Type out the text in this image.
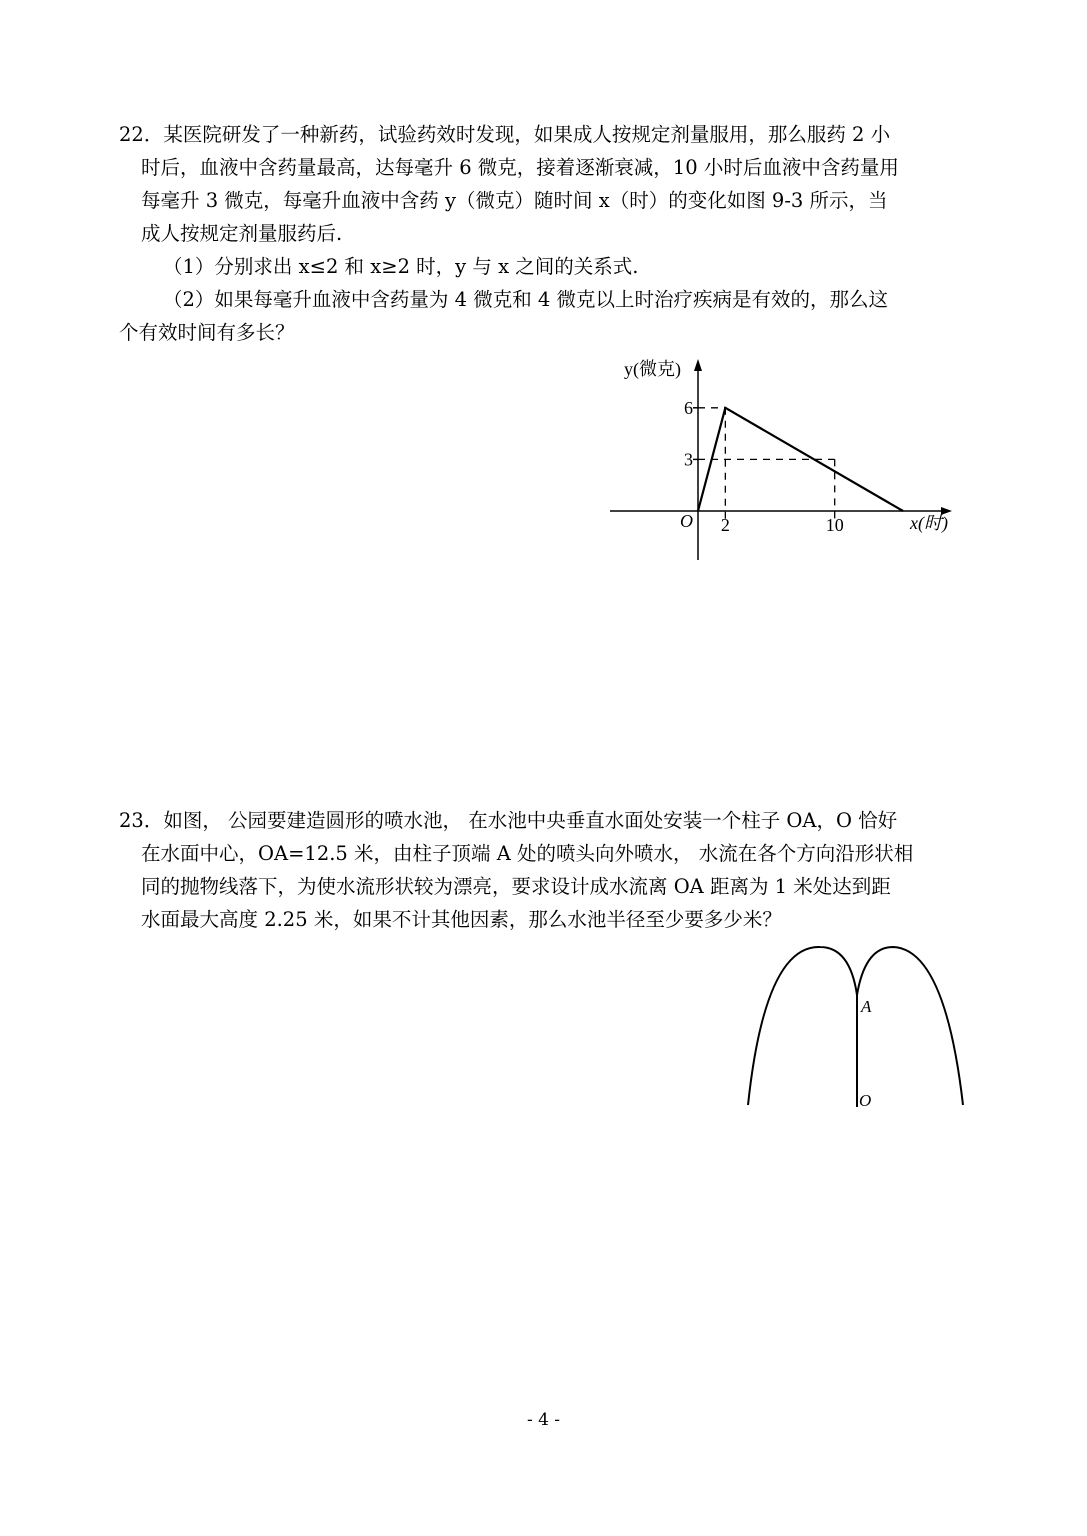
22．某医院研发了一种新药，试验药效时发现，如果成人按规定剂量服用，那么服药 2 小
时后，血液中含药量最高，达每毫升 6 微克，接着逐渐衰减，10 小时后血液中含药量用
每毫升 3 微克，每毫升血液中含药 y（微克）随时间 x（时）的变化如图 9-3 所示，当
成人按规定剂量服药后.
（1）分别求出 x≤2 和 x≥2 时，y 与 x 之间的关系式.
（2）如果每毫升血液中含药量为 4 微克和 4 微克以上时治疗疾病是有效的，那么这
个有效时间有多长？
y(微克)
x(时)
O
6
3
2	10
23．如图， 公园要建造圆形的喷水池， 在水池中央垂直水面处安装一个柱子 OA，O 恰好
在水面中心，OA=12.5 米，由柱子顶端 A 处的喷头向外喷水， 水流在各个方向沿形状相
同的抛物线落下，为使水流形状较为漂亮，要求设计成水流离 OA 距离为 1 米处达到距
水面最大高度 2.25 米，如果不计其他因素，那么水池半径至少要多少米？
A
O
- 4 -
